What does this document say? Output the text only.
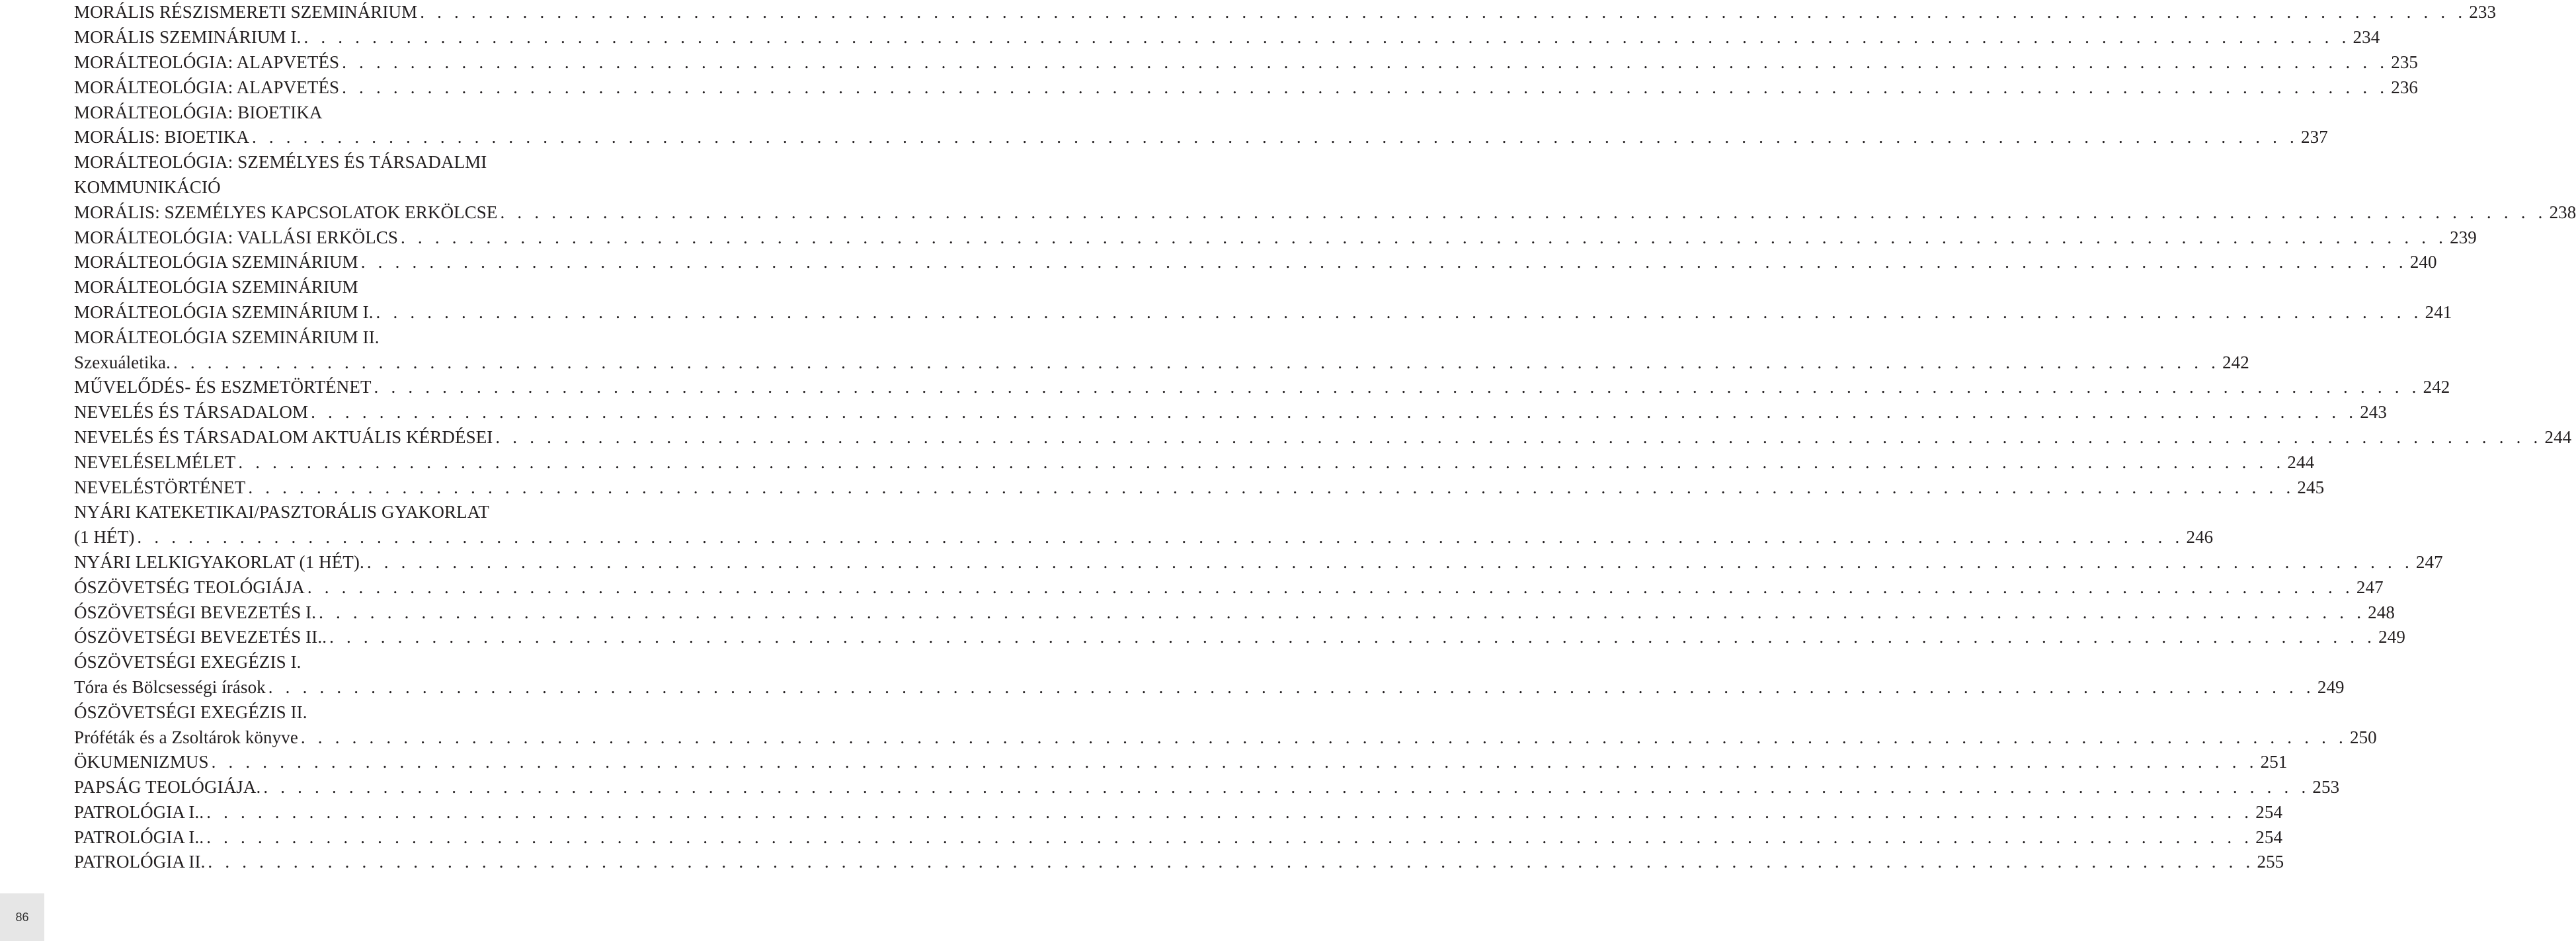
MORÁLIS RÉSZISMERETI SZEMINÁRIUM . . . . . . . . . . . . . . . . . . . . . . . . . . . . . . . . . . . . . . . . . . . . . . . . . . . . . . . . . . . . . . . . . . . . . . . . . . . . . . . . . . . . . . . . . . . . . . . . . . . . . . . . . . . . . . . . . . . . . . . . 233
MORÁLIS SZEMINÁRIUM I. . . . . . . . . . . . . . . . . . . . . . . . . . . . . . . . . . . . . . . . . . . . . . . . . . . . . . . . . . . . . . . . . . . . . . . . . . . . . . . . . . . . . . . . . . . . . . . . . . . . . . . . . . . . . . . . . . . . . . . . . 234
MORÁLTEOLÓGIA: ALAPVETÉS . . . . . . . . . . . . . . . . . . . . . . . . . . . . . . . . . . . . . . . . . . . . . . . . . . . . . . . . . . . . . . . . . . . . . . . . . . . . . . . . . . . . . . . . . . . . . . . . . . . . . . . . . . . . . . . . . . . . . . . . 235
MORÁLTEOLÓGIA: ALAPVETÉS . . . . . . . . . . . . . . . . . . . . . . . . . . . . . . . . . . . . . . . . . . . . . . . . . . . . . . . . . . . . . . . . . . . . . . . . . . . . . . . . . . . . . . . . . . . . . . . . . . . . . . . . . . . . . . . . . . . . . . . . 236
MORÁLTEOLÓGIA: BIOETIKA
MORÁLIS: BIOETIKA . . . . . . . . . . . . . . . . . . . . . . . . . . . . . . . . . . . . . . . . . . . . . . . . . . . . . . . . . . . . . . . . . . . . . . . . . . . . . . . . . . . . . . . . . . . . . . . . . . . . . . . . . . . . . . . . . . . . . . . . 237
MORÁLTEOLÓGIA: SZEMÉLYES ÉS TÁRSADALMI
KOMMUNIKÁCIÓ
MORÁLIS: SZEMÉLYES KAPCSOLATOK ERKÖLCSE . . . . . . . . . . . . . . . . . . . . . . . . . . . . . . . . . . . . . . . . . . . . . . . . . . . . . . . . . . . . . . . . . . . . . . . . . . . . . . . . . . . . . . . . . . . . . . . . . . . . . . . . . . . . . . . . . . . . . . . . 238
MORÁLTEOLÓGIA: VALLÁSI ERKÖLCS . . . . . . . . . . . . . . . . . . . . . . . . . . . . . . . . . . . . . . . . . . . . . . . . . . . . . . . . . . . . . . . . . . . . . . . . . . . . . . . . . . . . . . . . . . . . . . . . . . . . . . . . . . . . . . . . . . . . . . . . 239
MORÁLTEOLÓGIA SZEMINÁRIUM . . . . . . . . . . . . . . . . . . . . . . . . . . . . . . . . . . . . . . . . . . . . . . . . . . . . . . . . . . . . . . . . . . . . . . . . . . . . . . . . . . . . . . . . . . . . . . . . . . . . . . . . . . . . . . . . . . . . . . . . 240
MORÁLTEOLÓGIA SZEMINÁRIUM
MORÁLTEOLÓGIA SZEMINÁRIUM I. . . . . . . . . . . . . . . . . . . . . . . . . . . . . . . . . . . . . . . . . . . . . . . . . . . . . . . . . . . . . . . . . . . . . . . . . . . . . . . . . . . . . . . . . . . . . . . . . . . . . . . . . . . . . . . . . . . . . . . . . 241
MORÁLTEOLÓGIA SZEMINÁRIUM II.
Szexuáletika. . . . . . . . . . . . . . . . . . . . . . . . . . . . . . . . . . . . . . . . . . . . . . . . . . . . . . . . . . . . . . . . . . . . . . . . . . . . . . . . . . . . . . . . . . . . . . . . . . . . . . . . . . . . . . . . . . . . . . . . . 242
MŰVELŐDÉS- ÉS ESZMETÖRTÉNET . . . . . . . . . . . . . . . . . . . . . . . . . . . . . . . . . . . . . . . . . . . . . . . . . . . . . . . . . . . . . . . . . . . . . . . . . . . . . . . . . . . . . . . . . . . . . . . . . . . . . . . . . . . . . . . . . . . . . . . . 242
NEVELÉS ÉS TÁRSADALOM . . . . . . . . . . . . . . . . . . . . . . . . . . . . . . . . . . . . . . . . . . . . . . . . . . . . . . . . . . . . . . . . . . . . . . . . . . . . . . . . . . . . . . . . . . . . . . . . . . . . . . . . . . . . . . . . . . . . . . . . 243
NEVELÉS ÉS TÁRSADALOM AKTUÁLIS KÉRDÉSEI . . . . . . . . . . . . . . . . . . . . . . . . . . . . . . . . . . . . . . . . . . . . . . . . . . . . . . . . . . . . . . . . . . . . . . . . . . . . . . . . . . . . . . . . . . . . . . . . . . . . . . . . . . . . . . . . . . . . . . . . 244
NEVELÉSELMÉLET . . . . . . . . . . . . . . . . . . . . . . . . . . . . . . . . . . . . . . . . . . . . . . . . . . . . . . . . . . . . . . . . . . . . . . . . . . . . . . . . . . . . . . . . . . . . . . . . . . . . . . . . . . . . . . . . . . . . . . . . 244
NEVELÉSTÖRTÉNET . . . . . . . . . . . . . . . . . . . . . . . . . . . . . . . . . . . . . . . . . . . . . . . . . . . . . . . . . . . . . . . . . . . . . . . . . . . . . . . . . . . . . . . . . . . . . . . . . . . . . . . . . . . . . . . . . . . . . . . . 245
NYÁRI KATEKETIKAI/PASZTORÁLIS GYAKORLAT
(1 HÉT) . . . . . . . . . . . . . . . . . . . . . . . . . . . . . . . . . . . . . . . . . . . . . . . . . . . . . . . . . . . . . . . . . . . . . . . . . . . . . . . . . . . . . . . . . . . . . . . . . . . . . . . . . . . . . . . . . . . . . . . . 246
NYÁRI LELKIGYAKORLAT (1 HÉT). . . . . . . . . . . . . . . . . . . . . . . . . . . . . . . . . . . . . . . . . . . . . . . . . . . . . . . . . . . . . . . . . . . . . . . . . . . . . . . . . . . . . . . . . . . . . . . . . . . . . . . . . . . . . . . . . . . . . . . . . 247
ÓSZÖVETSÉG TEOLÓGIÁJA . . . . . . . . . . . . . . . . . . . . . . . . . . . . . . . . . . . . . . . . . . . . . . . . . . . . . . . . . . . . . . . . . . . . . . . . . . . . . . . . . . . . . . . . . . . . . . . . . . . . . . . . . . . . . . . . . . . . . . . . 247
ÓSZÖVETSÉGI BEVEZETÉS I. . . . . . . . . . . . . . . . . . . . . . . . . . . . . . . . . . . . . . . . . . . . . . . . . . . . . . . . . . . . . . . . . . . . . . . . . . . . . . . . . . . . . . . . . . . . . . . . . . . . . . . . . . . . . . . . . . . . . . . . . 248
ÓSZÖVETSÉGI BEVEZETÉS II.. . . . . . . . . . . . . . . . . . . . . . . . . . . . . . . . . . . . . . . . . . . . . . . . . . . . . . . . . . . . . . . . . . . . . . . . . . . . . . . . . . . . . . . . . . . . . . . . . . . . . . . . . . . . . . . . . . . . . . . . . 249
ÓSZÖVETSÉGI EXEGÉZIS I.
Tóra és Bölcsességi írások . . . . . . . . . . . . . . . . . . . . . . . . . . . . . . . . . . . . . . . . . . . . . . . . . . . . . . . . . . . . . . . . . . . . . . . . . . . . . . . . . . . . . . . . . . . . . . . . . . . . . . . . . . . . . . . . . . . . . . . . 249
ÓSZÖVETSÉGI EXEGÉZIS II.
Próféták és a Zsoltárok könyve . . . . . . . . . . . . . . . . . . . . . . . . . . . . . . . . . . . . . . . . . . . . . . . . . . . . . . . . . . . . . . . . . . . . . . . . . . . . . . . . . . . . . . . . . . . . . . . . . . . . . . . . . . . . . . . . . . . . . . . . 250
ÖKUMENIZMUS . . . . . . . . . . . . . . . . . . . . . . . . . . . . . . . . . . . . . . . . . . . . . . . . . . . . . . . . . . . . . . . . . . . . . . . . . . . . . . . . . . . . . . . . . . . . . . . . . . . . . . . . . . . . . . . . . . . . . . . . 251
PAPSÁG TEOLÓGIÁJA. . . . . . . . . . . . . . . . . . . . . . . . . . . . . . . . . . . . . . . . . . . . . . . . . . . . . . . . . . . . . . . . . . . . . . . . . . . . . . . . . . . . . . . . . . . . . . . . . . . . . . . . . . . . . . . . . . . . . . . . . 253
PATROLÓGIA I.. . . . . . . . . . . . . . . . . . . . . . . . . . . . . . . . . . . . . . . . . . . . . . . . . . . . . . . . . . . . . . . . . . . . . . . . . . . . . . . . . . . . . . . . . . . . . . . . . . . . . . . . . . . . . . . . . . . . . . . . . 254
PATROLÓGIA I.. . . . . . . . . . . . . . . . . . . . . . . . . . . . . . . . . . . . . . . . . . . . . . . . . . . . . . . . . . . . . . . . . . . . . . . . . . . . . . . . . . . . . . . . . . . . . . . . . . . . . . . . . . . . . . . . . . . . . . . . . 254
PATROLÓGIA II. . . . . . . . . . . . . . . . . . . . . . . . . . . . . . . . . . . . . . . . . . . . . . . . . . . . . . . . . . . . . . . . . . . . . . . . . . . . . . . . . . . . . . . . . . . . . . . . . . . . . . . . . . . . . . . . . . . . . . . . . 255
86
